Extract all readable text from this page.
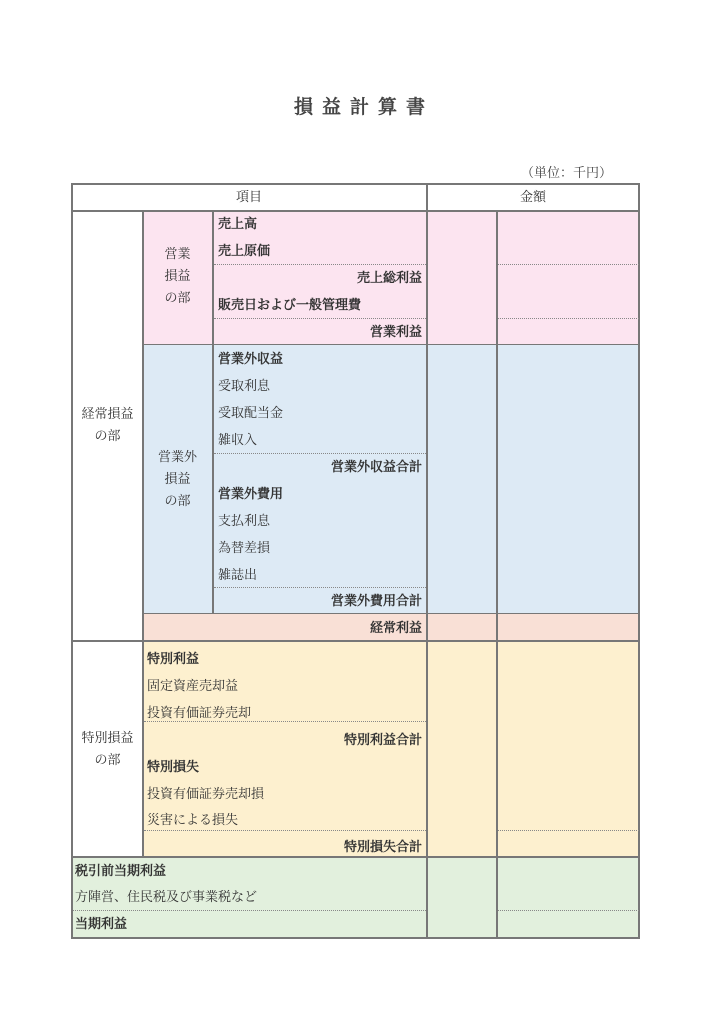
損益計算書
（単位：千円）
項目	金額
経常損益
の部
営業
損益
の部
営業外
損益
の部
特別損益
の部
売上高
売上原価
売上総利益
販売日および一般管理費
営業利益
営業外収益
受取利息
受取配当金
雑収入
営業外収益合計
営業外費用
支払利息
為替差損
雑誌出
営業外費用合計
経常利益
特別利益
固定資産売却益
投資有価証券売却
特別利益合計
特別損失
投資有価証券売却損
災害による損失
特別損失合計
税引前当期利益
方陣営、住民税及び事業税など
当期利益
